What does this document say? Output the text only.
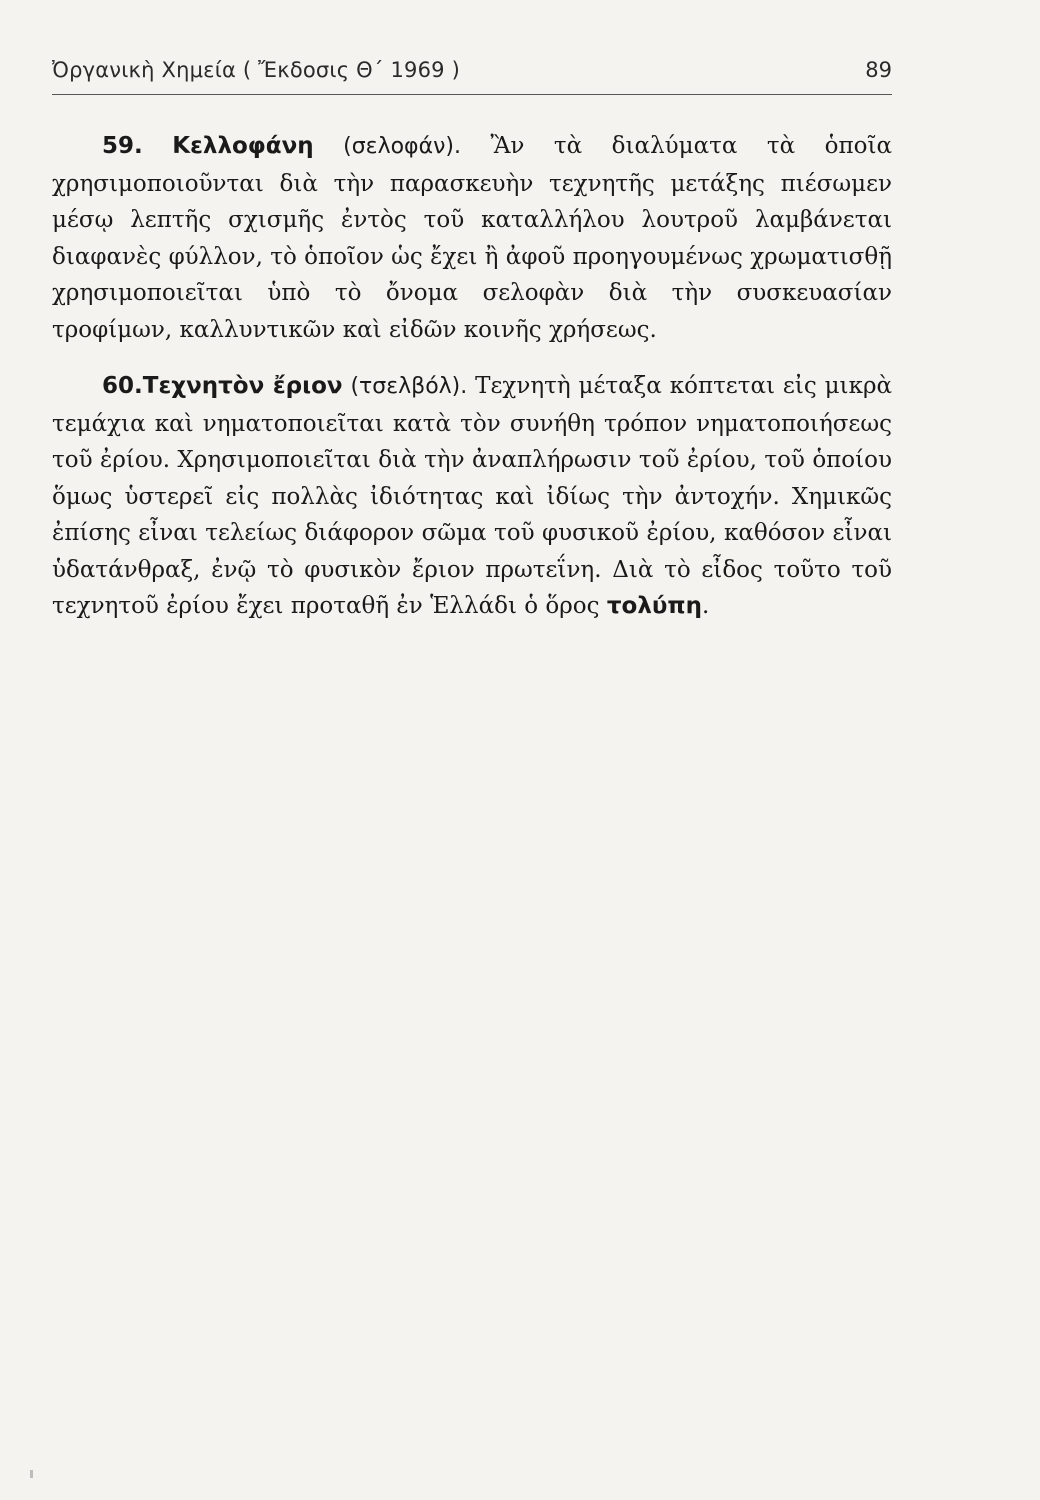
Ὀργανικὴ Χημεία ( Ἔκδοσις Θ΄ 1969 )	89

59. Κελλοφάνη (σελοφάν). Ἂν τὰ διαλύματα τὰ ὁποῖα χρησιμοποιοῦνται διὰ τὴν παρασκευὴν τεχνητῆς μετάξης πιέσωμεν μέσῳ λεπτῆς σχισμῆς ἐντὸς τοῦ καταλλήλου λουτροῦ λαμβάνεται διαφανὲς φύλλον, τὸ ὁποῖον ὡς ἔχει ἢ ἀφοῦ προηγουμένως χρωματισθῇ χρησιμοποιεῖται ὑπὸ τὸ ὄνομα σελοφὰν διὰ τὴν συσκευασίαν τροφίμων, καλλυντικῶν καὶ εἰδῶν κοινῆς χρήσεως.

60.Τεχνητὸν ἔριον (τσελβόλ). Τεχνητὴ μέταξα κόπτεται εἰς μικρὰ τεμάχια καὶ νηματοποιεῖται κατὰ τὸν συνήθη τρόπον νηματοποιήσεως τοῦ ἐρίου. Χρησιμοποιεῖται διὰ τὴν ἀναπλήρωσιν τοῦ ἐρίου, τοῦ ὁποίου ὅμως ὑστερεῖ εἰς πολλὰς ἰδιότητας καὶ ἰδίως τὴν ἀντοχήν. Χημικῶς ἐπίσης εἶναι τελείως διάφορον σῶμα τοῦ φυσικοῦ ἐρίου, καθόσον εἶναι ὑδατάνθραξ, ἐνῷ τὸ φυσικὸν ἔριον πρωτεΐνη. Διὰ τὸ εἶδος τοῦτο τοῦ τεχνητοῦ ἐρίου ἔχει προταθῆ ἐν Ἑλλάδι ὁ ὅρος τολύπη.
